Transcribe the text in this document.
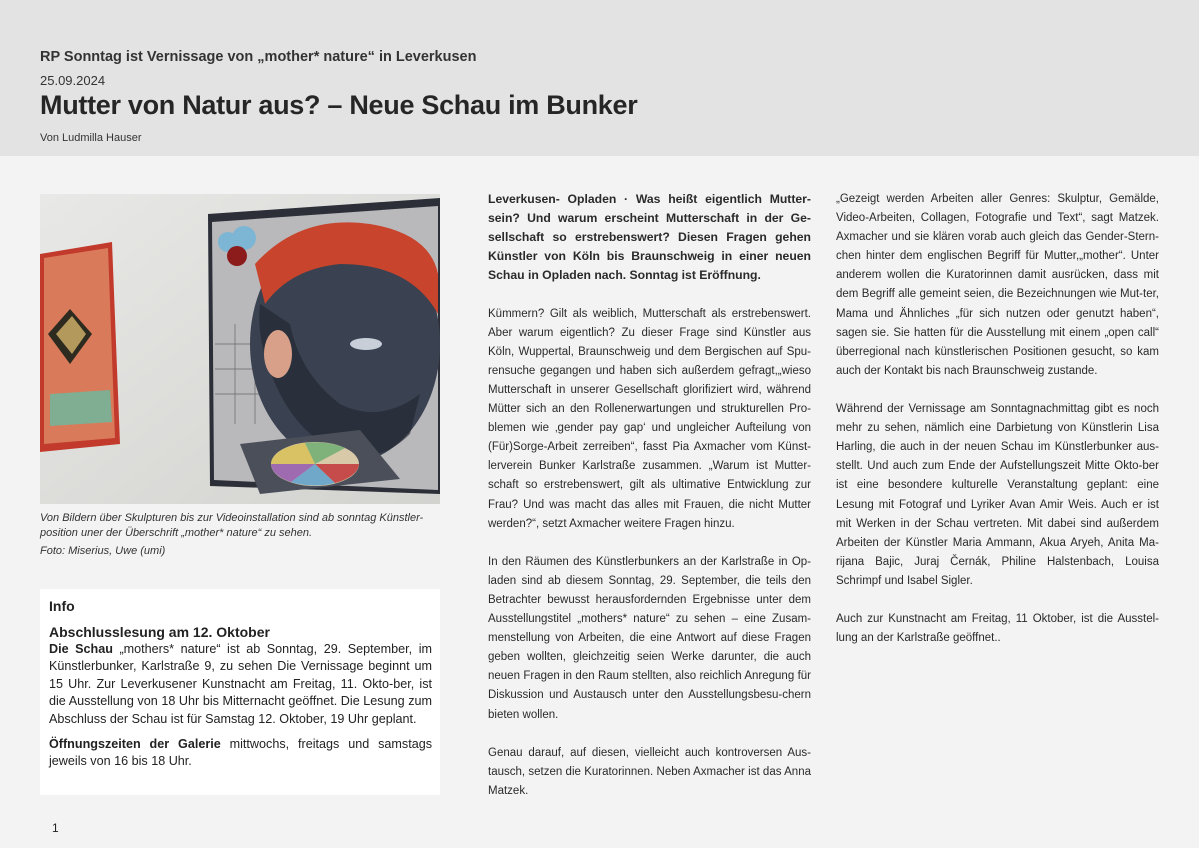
RP Sonntag ist Vernissage von „mother* nature“ in Leverkusen
25.09.2024
Mutter von Natur aus? – Neue Schau im Bunker
Von Ludmilla Hauser
Von Bildern über Skulpturen bis zur Videoinstallation sind ab sonntag Künstler-position uner der Überschrift „mother* nature“ zu sehen.
Foto: Miserius, Uwe (umi)
Info
Abschlusslesung am 12. Oktober

Die Schau „mothers* nature“ ist ab Sonntag, 29. September, im Künstlerbunker, Karlstraße 9, zu sehen Die Vernissage beginnt um 15 Uhr. Zur Leverkusener Kunstnacht am Freitag, 11. Okto-ber, ist die Ausstellung von 18 Uhr bis Mitternacht geöffnet. Die Lesung zum Abschluss der Schau ist für Samstag 12. Oktober, 19 Uhr geplant.

Öffnungszeiten der Galerie mittwochs, freitags und samstags jeweils von 16 bis 18 Uhr.

Leverkusen- Opladen · Was heißt eigentlich Mutter-sein? Und warum erscheint Mutterschaft in der Ge-sellschaft so erstrebenswert? Diesen Fragen gehen Künstler von Köln bis Braunschweig in einer neuen Schau in Opladen nach. Sonntag ist Eröffnung.

Kümmern? Gilt als weiblich, Mutterschaft als erstrebenswert. Aber warum eigentlich? Zu dieser Frage sind Künstler aus Köln, Wuppertal, Braunschweig und dem Bergischen auf Spu-rensuche gegangen und haben sich außerdem gefragt,„wieso Mutterschaft in unserer Gesellschaft glorifiziert wird, während Mütter sich an den Rollenerwartungen und strukturellen Pro-blemen wie ‚gender pay gap‘ und ungleicher Aufteilung von (Für)Sorge-Arbeit zerreiben“, fasst Pia Axmacher vom Künst-lerverein Bunker Karlstraße zusammen. „Warum ist Mutter-schaft so erstrebenswert, gilt als ultimative Entwicklung zur Frau? Und was macht das alles mit Frauen, die nicht Mutter werden?“, setzt Axmacher weitere Fragen hinzu.

In den Räumen des Künstlerbunkers an der Karlstraße in Op-laden sind ab diesem Sonntag, 29. September, die teils den Betrachter bewusst herausfordernden Ergebnisse unter dem Ausstellungstitel „mothers* nature“ zu sehen – eine Zusam-menstellung von Arbeiten, die eine Antwort auf diese Fragen geben wollten, gleichzeitig seien Werke darunter, die auch neuen Fragen in den Raum stellten, also reichlich Anregung für Diskussion und Austausch unter den Ausstellungsbesu-chern bieten wollen.

Genau darauf, auf diesen, vielleicht auch kontroversen Aus-tausch, setzen die Kuratorinnen. Neben Axmacher ist das Anna Matzek.

„Gezeigt werden Arbeiten aller Genres: Skulptur, Gemälde, Video-Arbeiten, Collagen, Fotografie und Text“, sagt Matzek. Axmacher und sie klären vorab auch gleich das Gender-Stern-chen hinter dem englischen Begriff für Mutter,„mother“. Unter anderem wollen die Kuratorinnen damit ausrücken, dass mit dem Begriff alle gemeint seien, die Bezeichnungen wie Mut-ter, Mama und Ähnliches „für sich nutzen oder genutzt haben“, sagen sie. Sie hatten für die Ausstellung mit einem „open call“ überregional nach künstlerischen Positionen gesucht, so kam auch der Kontakt bis nach Braunschweig zustande.

Während der Vernissage am Sonntagnachmittag gibt es noch mehr zu sehen, nämlich eine Darbietung von Künstlerin Lisa Harling, die auch in der neuen Schau im Künstlerbunker aus-stellt. Und auch zum Ende der Aufstellungszeit Mitte Okto-ber ist eine besondere kulturelle Veranstaltung geplant: eine Lesung mit Fotograf und Lyriker Avan Amir Weis. Auch er ist mit Werken in der Schau vertreten. Mit dabei sind außerdem Arbeiten der Künstler Maria Ammann, Akua Aryeh, Anita Ma-rijana Bajic, Juraj Černák, Philine Halstenbach, Louisa Schrimpf und Isabel Sigler.

Auch zur Kunstnacht am Freitag, 11 Oktober, ist die Ausstel-lung an der Karlstraße geöffnet..

1
